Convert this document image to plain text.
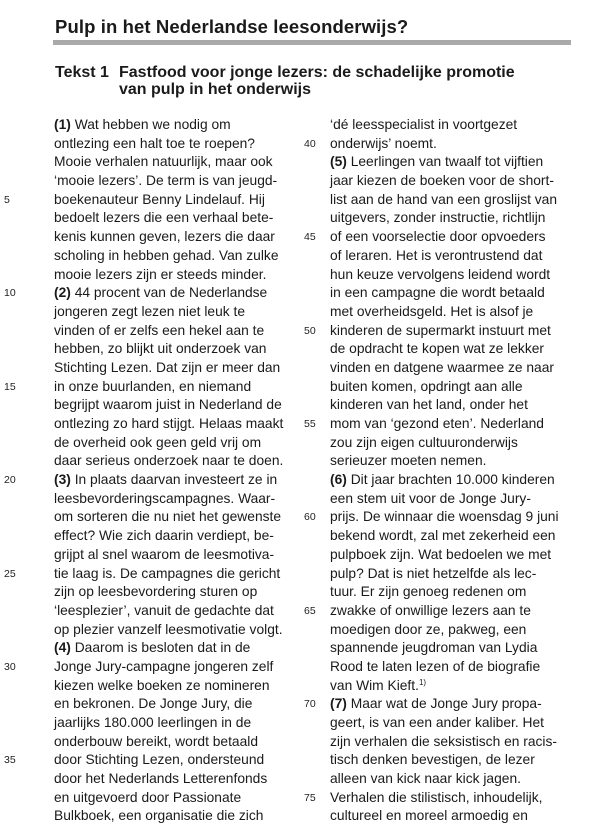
Pulp in het Nederlandse leesonderwijs?
Tekst 1 Fastfood voor jonge lezers: de schadelijke promotie
van pulp in het onderwijs
(1) Wat hebben we nodig om
ontlezing een halt toe te roepen?
Mooie verhalen natuurlijk, maar ook
‘mooie lezers’. De term is van jeugd-
5	boekenauteur Benny Lindelauf. Hij
bedoelt lezers die een verhaal bete-
kenis kunnen geven, lezers die daar
scholing in hebben gehad. Van zulke
mooie lezers zijn er steeds minder.
10	(2) 44 procent van de Nederlandse
jongeren zegt lezen niet leuk te
vinden of er zelfs een hekel aan te
hebben, zo blijkt uit onderzoek van
Stichting Lezen. Dat zijn er meer dan
15	in onze buurlanden, en niemand
begrijpt waarom juist in Nederland de
ontlezing zo hard stijgt. Helaas maakt
de overheid ook geen geld vrij om
daar serieus onderzoek naar te doen.
20	(3) In plaats daarvan investeert ze in
leesbevorderingscampagnes. Waar-
om sorteren die nu niet het gewenste
effect? Wie zich daarin verdiept, be-
grijpt al snel waarom de leesmotiva-
25	tie laag is. De campagnes die gericht
zijn op leesbevordering sturen op
‘leesplezier’, vanuit de gedachte dat
op plezier vanzelf leesmotivatie volgt.
(4) Daarom is besloten dat in de
30	Jonge Jury-campagne jongeren zelf
kiezen welke boeken ze nomineren
en bekronen. De Jonge Jury, die
jaarlijks 180.000 leerlingen in de
onderbouw bereikt, wordt betaald
35	door Stichting Lezen, ondersteund
door het Nederlands Letterenfonds
en uitgevoerd door Passionate
Bulkboek, een organisatie die zich
‘dé leesspecialist in voortgezet
40	onderwijs’ noemt.
(5) Leerlingen van twaalf tot vijftien
jaar kiezen de boeken voor de short-
list aan de hand van een groslijst van
uitgevers, zonder instructie, richtlijn
45	of een voorselectie door opvoeders
of leraren. Het is verontrustend dat
hun keuze vervolgens leidend wordt
in een campagne die wordt betaald
met overheidsgeld. Het is alsof je
50	kinderen de supermarkt instuurt met
de opdracht te kopen wat ze lekker
vinden en datgene waarmee ze naar
buiten komen, opdringt aan alle
kinderen van het land, onder het
55	mom van ‘gezond eten’. Nederland
zou zijn eigen cultuuronderwijs
serieuzer moeten nemen.
(6) Dit jaar brachten 10.000 kinderen
een stem uit voor de Jonge Jury-
60	prijs. De winnaar die woensdag 9 juni
bekend wordt, zal met zekerheid een
pulpboek zijn. Wat bedoelen we met
pulp? Dat is niet hetzelfde als lec-
tuur. Er zijn genoeg redenen om
65	zwakke of onwillige lezers aan te
moedigen door ze, pakweg, een
spannende jeugdroman van Lydia
Rood te laten lezen of de biografie
van Wim Kieft.$^{1)}$
70	(7) Maar wat de Jonge Jury propa-
geert, is van een ander kaliber. Het
zijn verhalen die seksistisch en racis-
tisch denken bevestigen, de lezer
alleen van kick naar kick jagen.
75	Verhalen die stilistisch, inhoudelijk,
cultureel en moreel armoedig en
